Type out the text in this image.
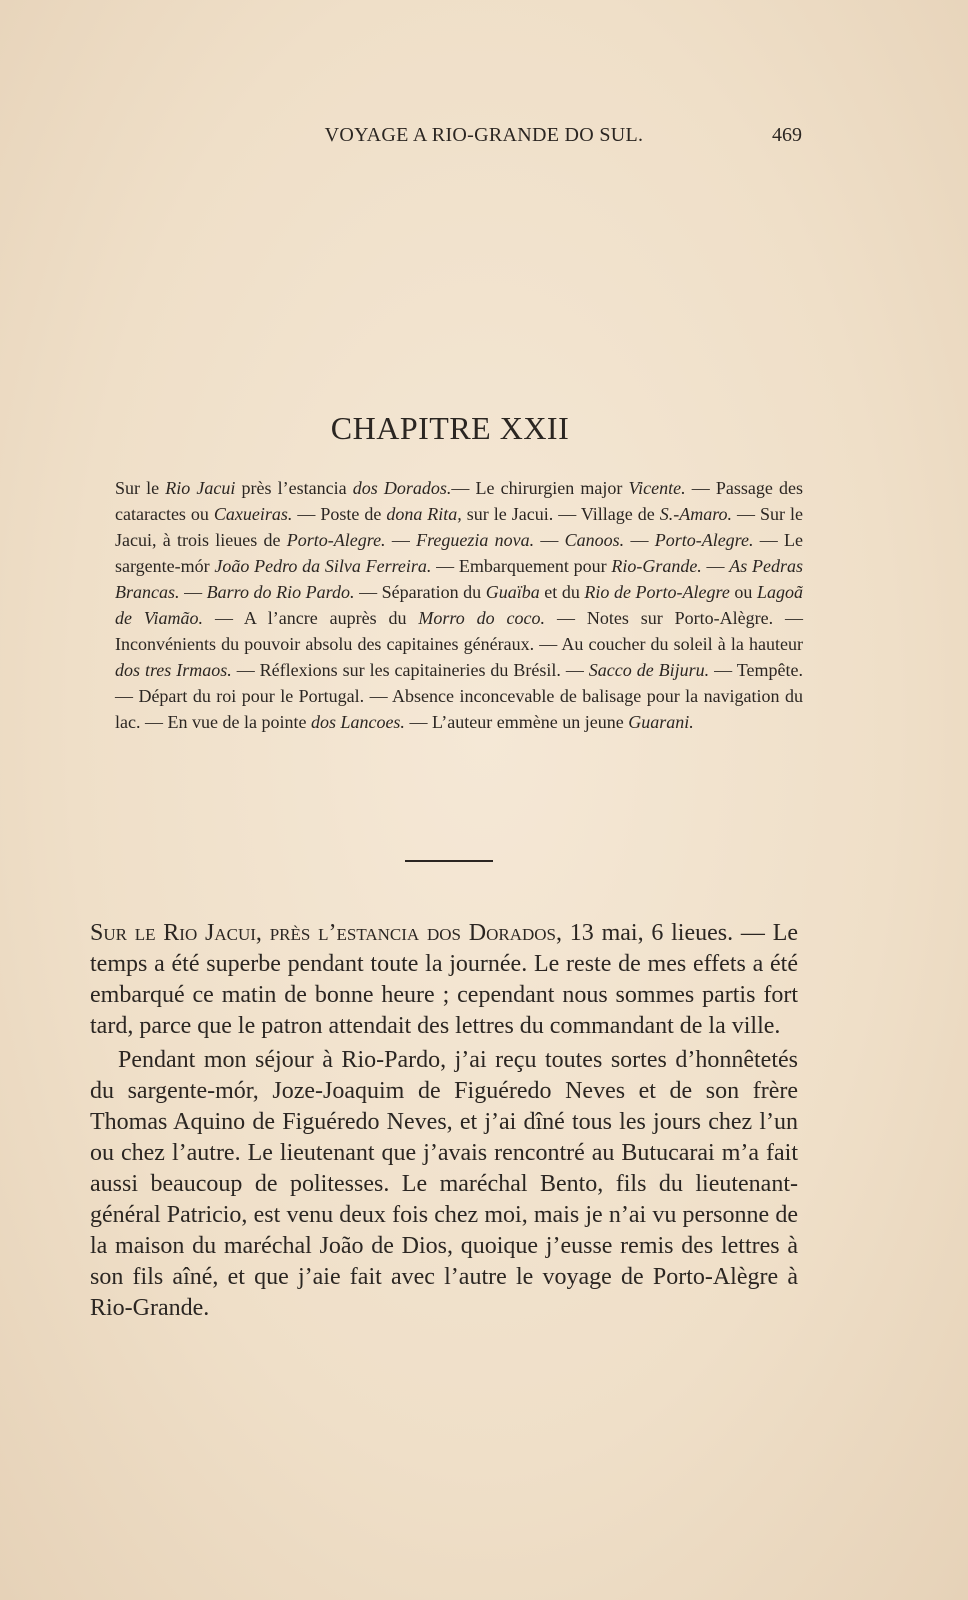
VOYAGE A RIO-GRANDE DO SUL.	469
CHAPITRE XXII
Sur le Rio Jacui près l’estancia dos Dorados.— Le chirurgien major Vicente. — Passage des cataractes ou Caxueiras. — Poste de dona Rita, sur le Jacui. — Village de S.-Amaro. — Sur le Jacui, à trois lieues de Porto-Alegre. — Freguezia nova. — Canoos. — Porto-Alegre. — Le sargente-mór João Pedro da Silva Ferreira. — Embarquement pour Rio-Grande. — As Pedras Brancas. — Barro do Rio Pardo. — Séparation du Guaïba et du Rio de Porto-Alegre ou Lagoã de Viamão. — A l’ancre auprès du Morro do coco. — Notes sur Porto-Alègre. — Inconvénients du pouvoir absolu des capitaines généraux. — Au coucher du soleil à la hauteur dos tres Irmaos. — Réflexions sur les capitaineries du Brésil. — Sacco de Bijuru. — Tempête. — Départ du roi pour le Portugal. — Absence inconcevable de balisage pour la navigation du lac. — En vue de la pointe dos Lancoes. — L’auteur emmène un jeune Guarani.

Sur le Rio Jacui, près l’estancia dos Dorados, 13 mai, 6 lieues. — Le temps a été superbe pendant toute la journée. Le reste de mes effets a été embarqué ce matin de bonne heure ; cependant nous sommes partis fort tard, parce que le patron attendait des lettres du commandant de la ville.

Pendant mon séjour à Rio-Pardo, j’ai reçu toutes sortes d’honnêtetés du sargente-mór, Joze-Joaquim de Figuéredo Neves et de son frère Thomas Aquino de Figuéredo Neves, et j’ai dîné tous les jours chez l’un ou chez l’autre. Le lieutenant que j’avais rencontré au Butucarai m’a fait aussi beaucoup de politesses. Le maréchal Bento, fils du lieutenant-général Patricio, est venu deux fois chez moi, mais je n’ai vu personne de la maison du maréchal João de Dios, quoique j’eusse remis des lettres à son fils aîné, et que j’aie fait avec l’autre le voyage de Porto-Alègre à Rio-Grande.
